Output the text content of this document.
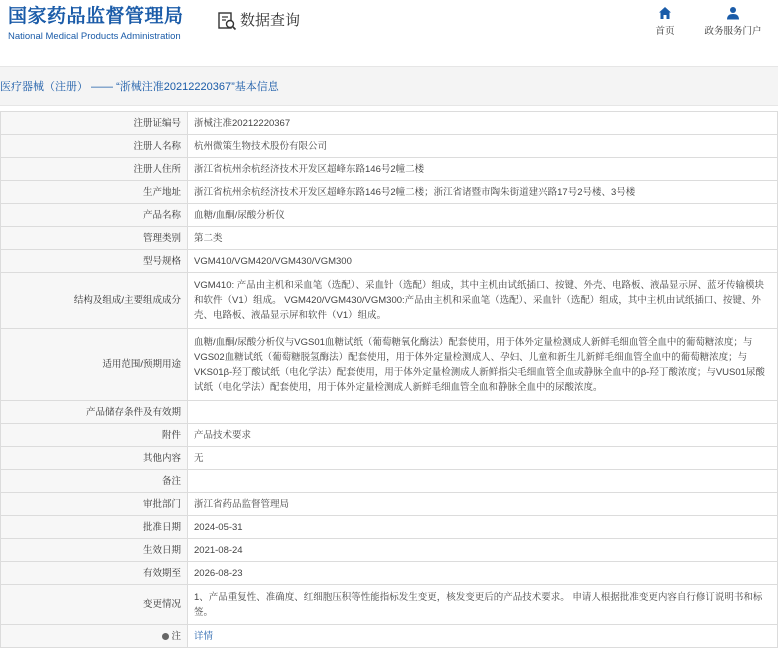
国家药品监督管理局
National Medical Products Administration
数据查询
首页	政务服务门户
医疗器械（注册） —— “浙械注准20212220367”基本信息
注册证编号	浙械注准20212220367
注册人名称	杭州微策生物技术股份有限公司
注册人住所	浙江省杭州余杭经济技术开发区超峰东路146号2幢二楼
生产地址	浙江省杭州余杭经济技术开发区超峰东路146号2幢二楼；浙江省诸暨市陶朱街道建兴路17号2号楼、3号楼
产品名称	血糖/血酮/尿酸分析仪
管理类别	第二类
型号规格	VGM410/VGM420/VGM430/VGM300
结构及组成/主要组成成分	VGM410: 产品由主机和采血笔（选配）、采血针（选配）组成，其中主机由试纸插口、按键、外壳、电路板、液晶显示屏、蓝牙传输模块和软件（V1）组成。 VGM420/VGM430/VGM300:产品由主机和采血笔（选配）、采血针（选配）组成，其中主机由试纸插口、按键、外壳、电路板、液晶显示屏和软件（V1）组成。
适用范围/预期用途	血糖/血酮/尿酸分析仪与VGS01血糖试纸（葡萄糖氧化酶法）配套使用，用于体外定量检测成人新鲜毛细血管全血中的葡萄糖浓度；与VGS02血糖试纸（葡萄糖脱氢酶法）配套使用，用于体外定量检测成人、孕妇、儿童和新生儿新鲜毛细血管全血中的葡萄糖浓度；与VKS01β-羟丁酸试纸（电化学法）配套使用，用于体外定量检测成人新鲜指尖毛细血管全血或静脉全血中的β-羟丁酸浓度；与VUS01尿酸试纸（电化学法）配套使用，用于体外定量检测成人新鲜毛细血管全血和静脉全血中的尿酸浓度。
产品储存条件及有效期	
附件	产品技术要求
其他内容	无
备注	
审批部门	浙江省药品监督管理局
批准日期	2024-05-31
生效日期	2021-08-24
有效期至	2026-08-23
变更情况	1、产品重复性、准确度、红细胞压积等性能指标发生变更，核发变更后的产品技术要求。 申请人根据批准变更内容自行修订说明书和标签。
注	详情
